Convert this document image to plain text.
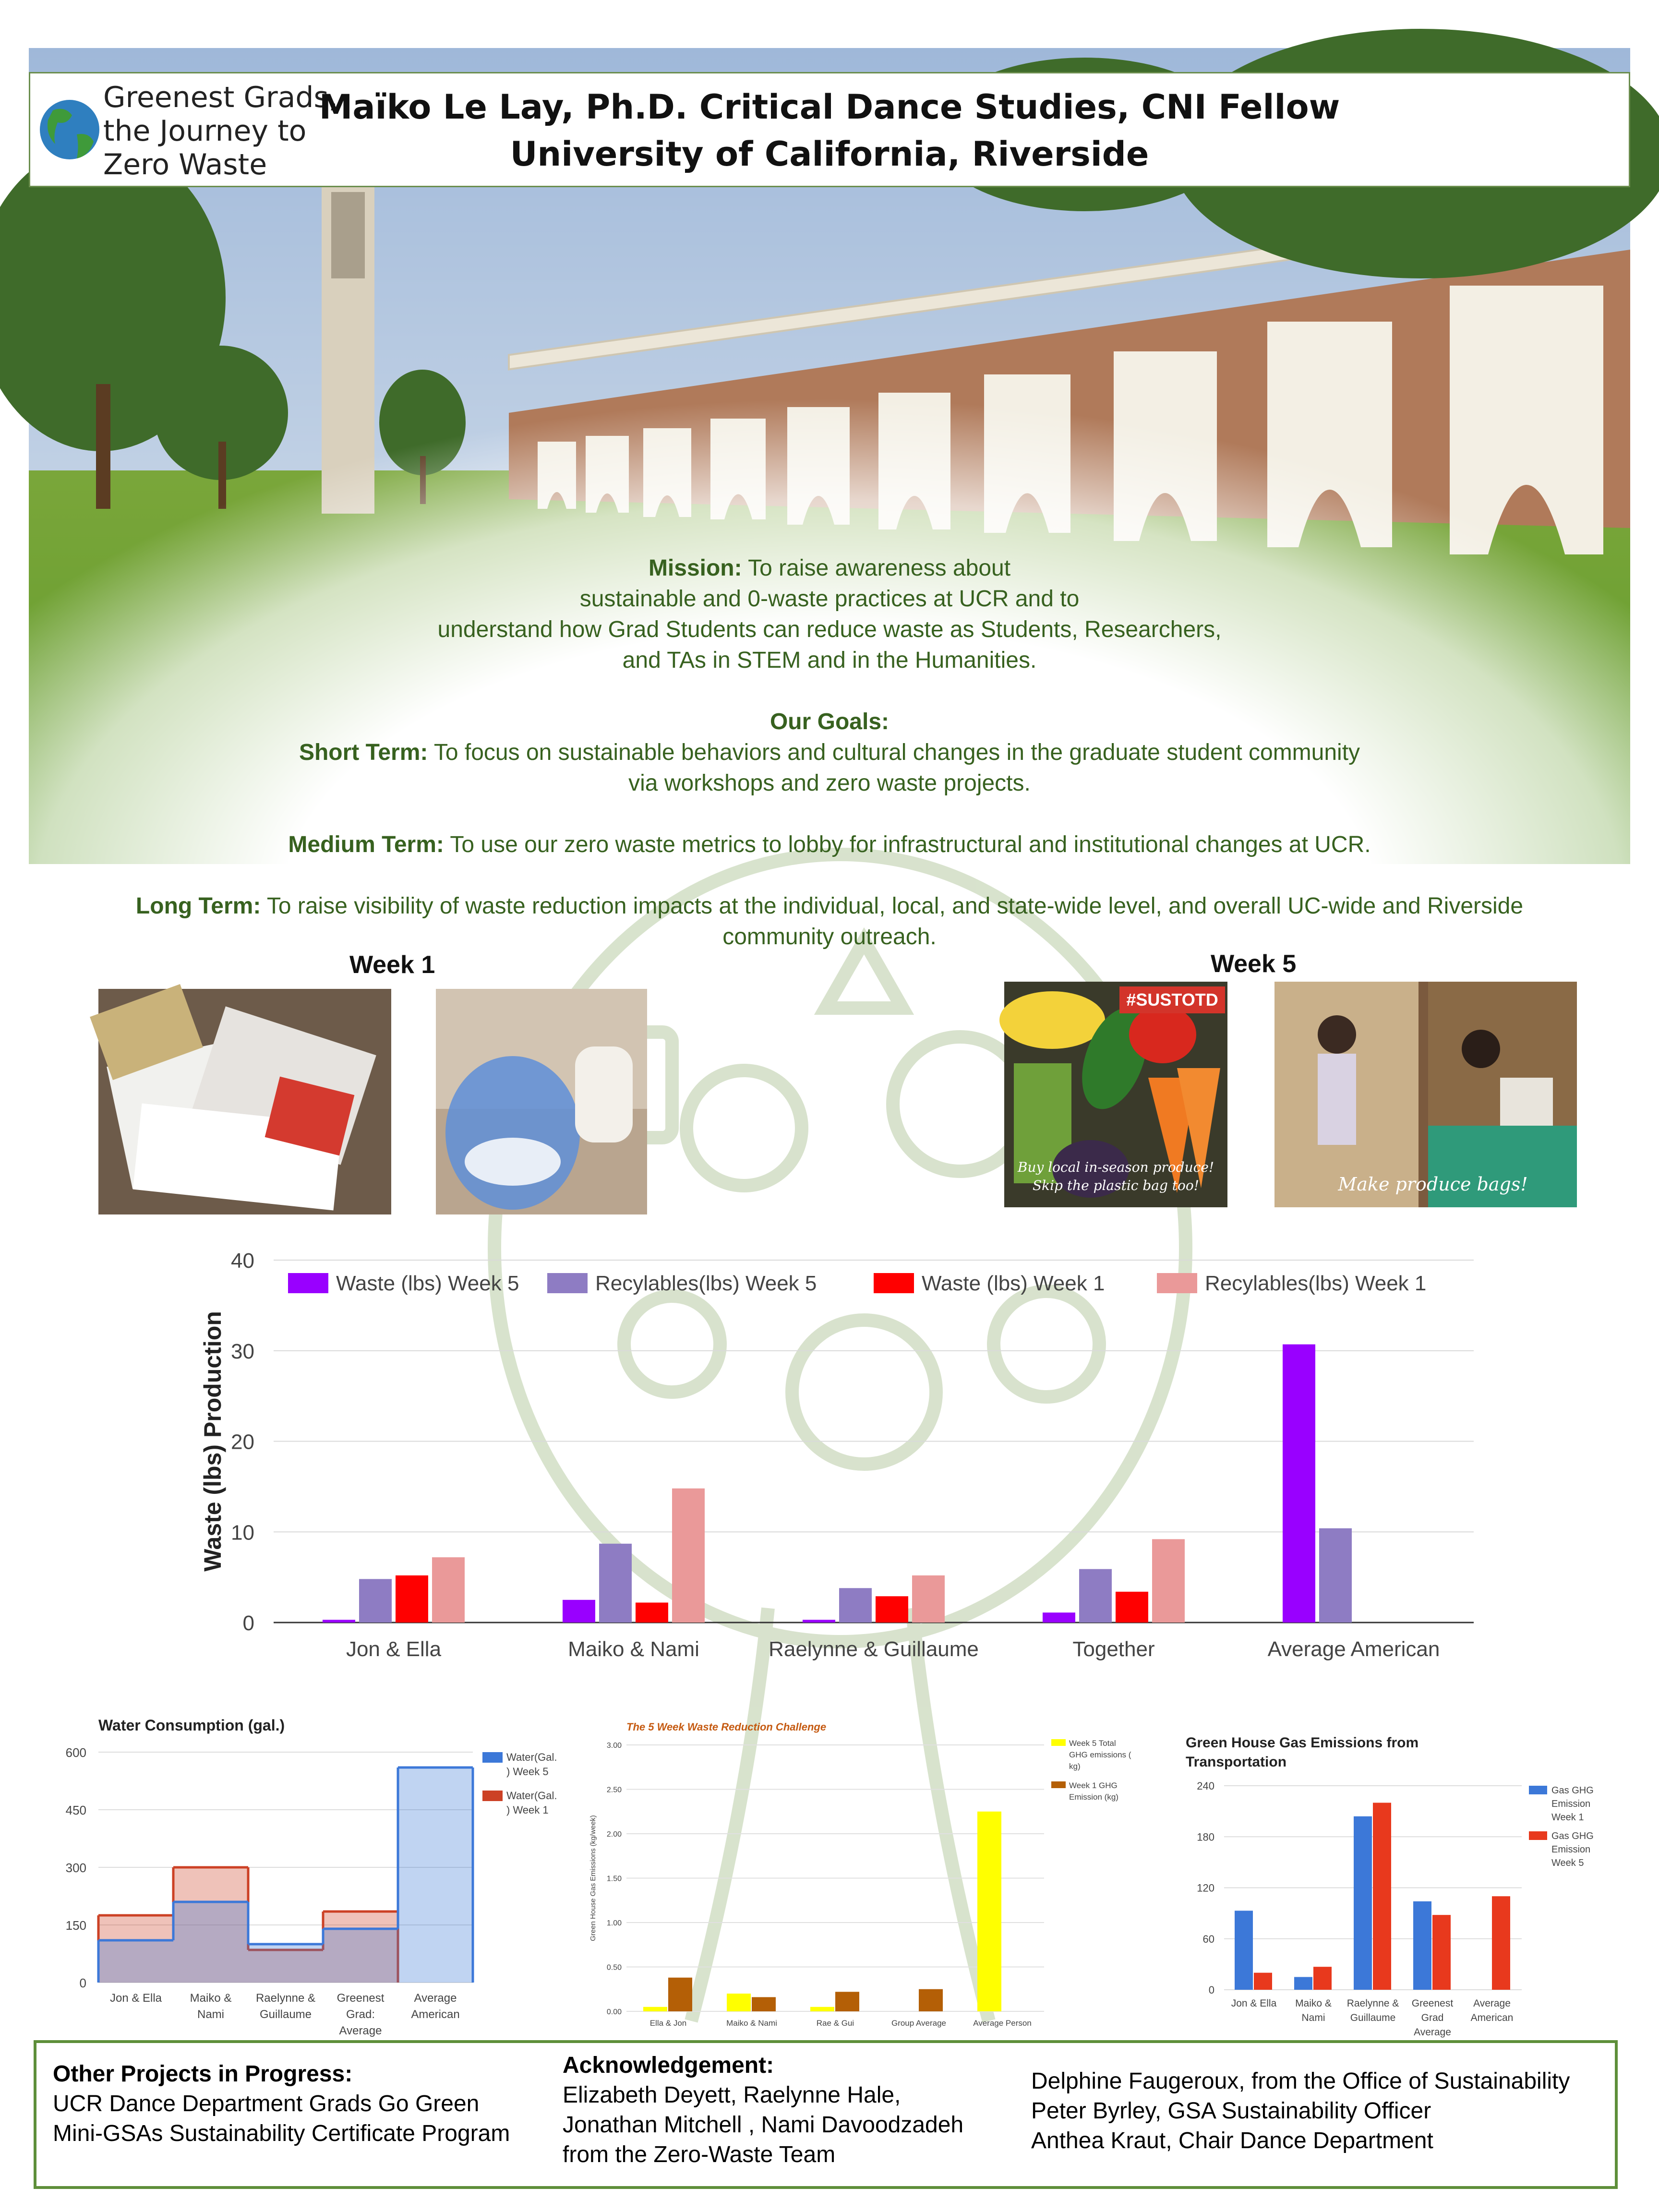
Greenest Grads,
the Journey to
Zero Waste
Maïko Le Lay, Ph.D. Critical Dance Studies, CNI Fellow
University of California, Riverside
Mission: To raise awareness about
sustainable and 0-waste practices at UCR and to
understand how Grad Students can reduce waste as Students, Researchers,
and TAs in STEM and in the Humanities.
Our Goals:
Short Term: To focus on sustainable behaviors and cultural changes in the graduate student community
via workshops and zero waste projects.
Medium Term: To use our zero waste metrics to lobby for infrastructural and institutional changes at UCR.
Long Term: To raise visibility of waste reduction impacts at the individual, local, and state-wide level, and overall UC-wide and Riverside
community outreach.
Week 1	Week 5
#SUSTOTD
Buy local in-season produce!
Skip the plastic bag too!	Make produce bags!
0
10
20
30
40
Waste (lbs) Production
Jon & Ella	Maiko & Nami	Raelynne & Guillaume	Together	Average American
Waste (lbs) Week 5	Recylables(lbs) Week 5	Waste (lbs) Week 1	Recylables(lbs) Week 1
Water Consumption (gal.)
0
150
300
450
600
Jon & Ella Maiko &
Nami
Raelynne &
Guillaume
Greenest
Grad:
Average
Average
American
Water(Gal.
) Week 5
Water(Gal.
) Week 1
The 5 Week Waste Reduction Challenge
0.00
0.50
1.00
1.50
2.00
2.50
3.00
Green House Gas Emissions (kg/week)
Ella & Jon	Maiko & Nami	Rae & Gui	Group Average	Average Person
Week 5 Total
GHG emissions (
kg)
Week 1 GHG
Emission (kg)
Green House Gas Emissions from
Transportation
0
60
120
180
240
Jon & Ella Maiko &
Nami
Raelynne &
Guillaume
Greenest
Grad
Average
Average
American
Gas GHG
Emission
Week 1
Gas GHG
Emission
Week 5
Other Projects in Progress:
UCR Dance Department Grads Go Green
Mini-GSAs Sustainability Certificate Program
Acknowledgement:
Elizabeth Deyett, Raelynne Hale,
Jonathan Mitchell , Nami Davoodzadeh
from the Zero-Waste Team
Delphine Faugeroux, from the Office of Sustainability
Peter Byrley, GSA Sustainability Officer
Anthea Kraut, Chair Dance Department
